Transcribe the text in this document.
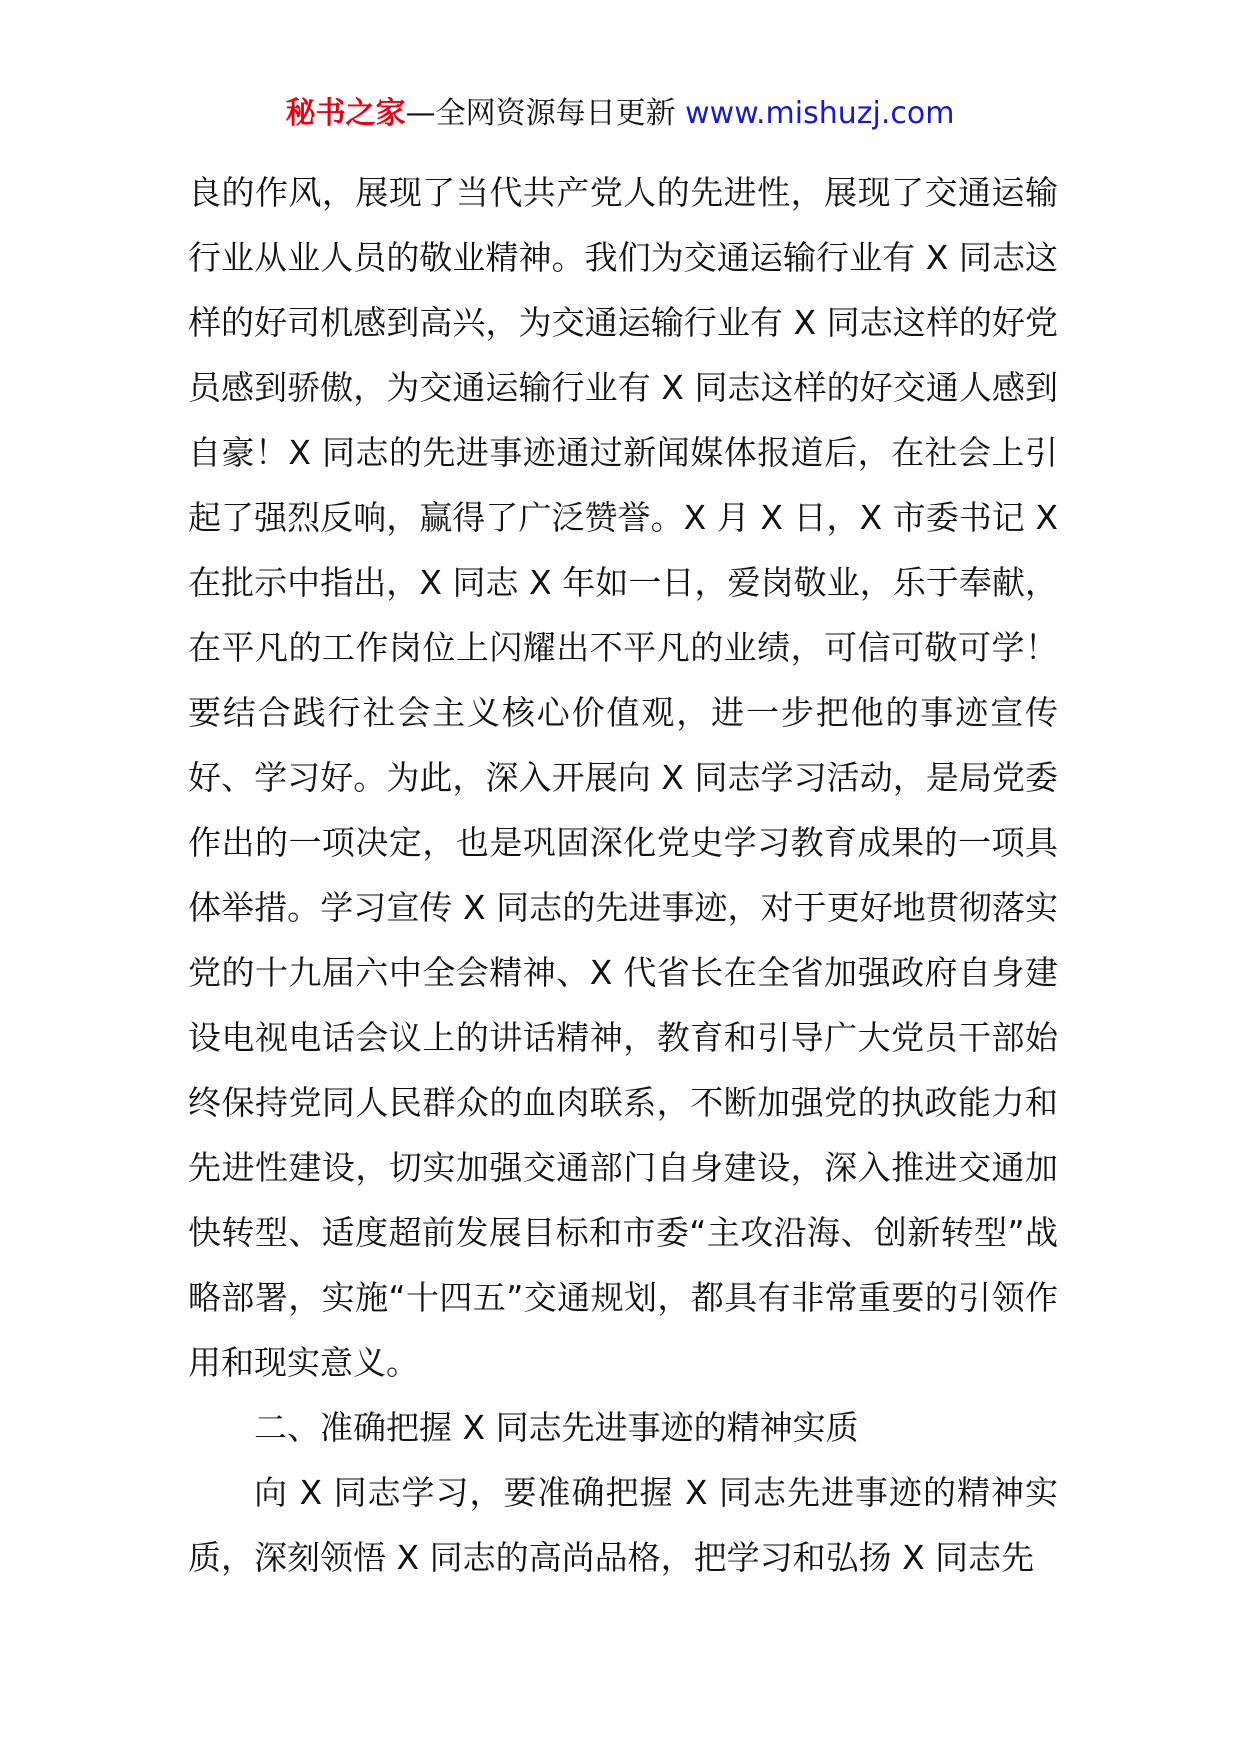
秘书之家—全网资源每日更新 www.mishuzj.com

良的作风，展现了当代共产党人的先进性，展现了交通运输行业从业人员的敬业精神。我们为交通运输行业有 X 同志这样的好司机感到高兴，为交通运输行业有 X 同志这样的好党员感到骄傲，为交通运输行业有 X 同志这样的好交通人感到自豪！X 同志的先进事迹通过新闻媒体报道后，在社会上引起了强烈反响，赢得了广泛赞誉。X 月 X 日，X 市委书记 X 在批示中指出，X 同志 X 年如一日，爱岗敬业，乐于奉献，在平凡的工作岗位上闪耀出不平凡的业绩，可信可敬可学！要结合践行社会主义核心价值观，进一步把他的事迹宣传好、学习好。为此，深入开展向 X 同志学习活动，是局党委作出的一项决定，也是巩固深化党史学习教育成果的一项具体举措。学习宣传 X 同志的先进事迹，对于更好地贯彻落实党的十九届六中全会精神、X 代省长在全省加强政府自身建设电视电话会议上的讲话精神，教育和引导广大党员干部始终保持党同人民群众的血肉联系，不断加强党的执政能力和先进性建设，切实加强交通部门自身建设，深入推进交通加快转型、适度超前发展目标和市委“主攻沿海、创新转型”战略部署，实施“十四五”交通规划，都具有非常重要的引领作用和现实意义。

二、准确把握 X 同志先进事迹的精神实质

向 X 同志学习，要准确把握 X 同志先进事迹的精神实质，深刻领悟 X 同志的高尚品格，把学习和弘扬 X 同志先
